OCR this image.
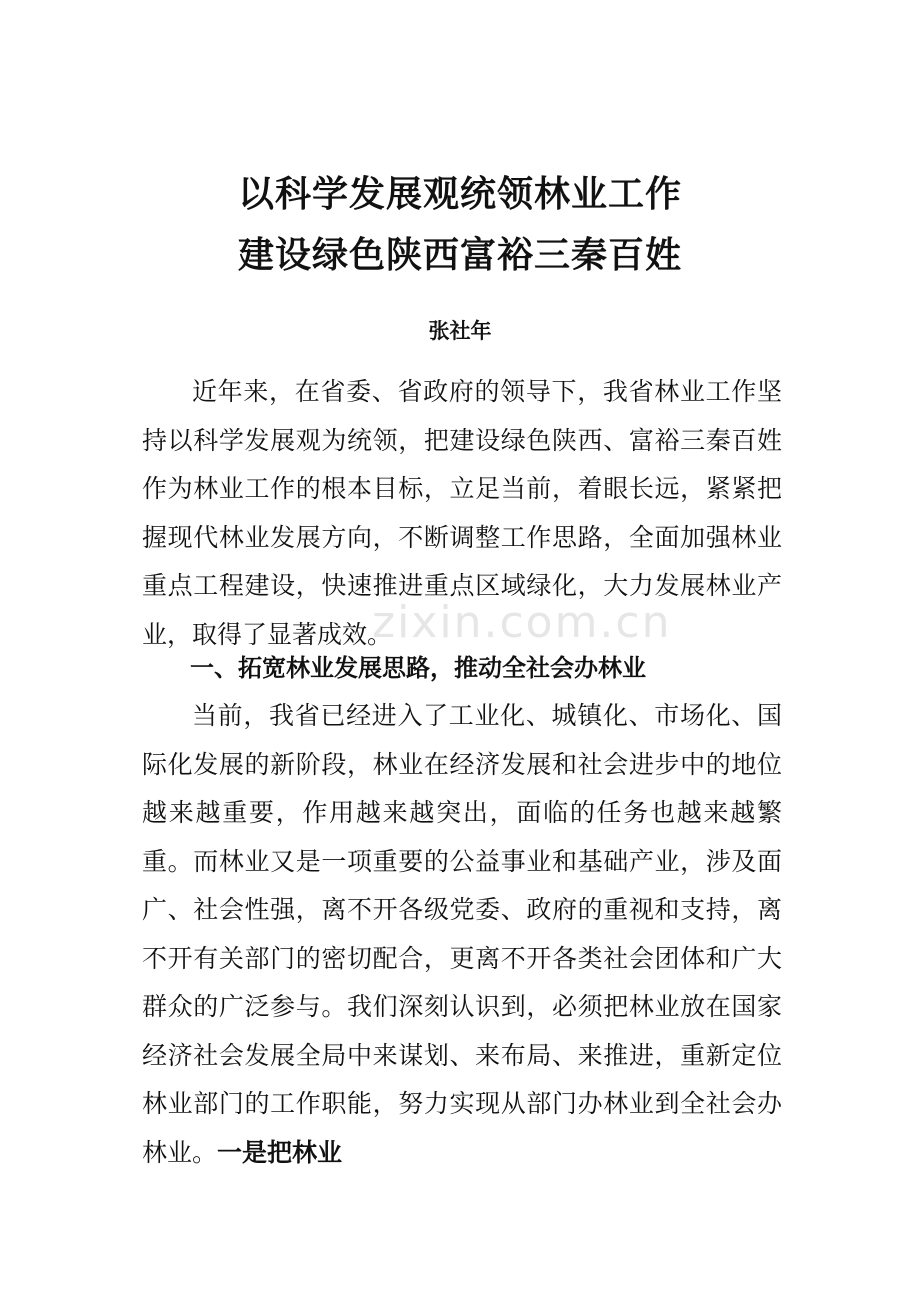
以科学发展观统领林业工作
建设绿色陕西富裕三秦百姓
张社年

近年来，在省委、省政府的领导下，我省林业工作坚持以科学发展观为统领，把建设绿色陕西、富裕三秦百姓作为林业工作的根本目标，立足当前，着眼长远，紧紧把握现代林业发展方向，不断调整工作思路，全面加强林业重点工程建设，快速推进重点区域绿化，大力发展林业产业，取得了显著成效。

zixin.com.cn
一、拓宽林业发展思路，推动全社会办林业

当前，我省已经进入了工业化、城镇化、市场化、国际化发展的新阶段，林业在经济发展和社会进步中的地位越来越重要，作用越来越突出，面临的任务也越来越繁重。而林业又是一项重要的公益事业和基础产业，涉及面广、社会性强，离不开各级党委、政府的重视和支持，离不开有关部门的密切配合，更离不开各类社会团体和广大群众的广泛参与。我们深刻认识到，必须把林业放在国家经济社会发展全局中来谋划、来布局、来推进，重新定位林业部门的工作职能，努力实现从部门办林业到全社会办林业。一是把林业
